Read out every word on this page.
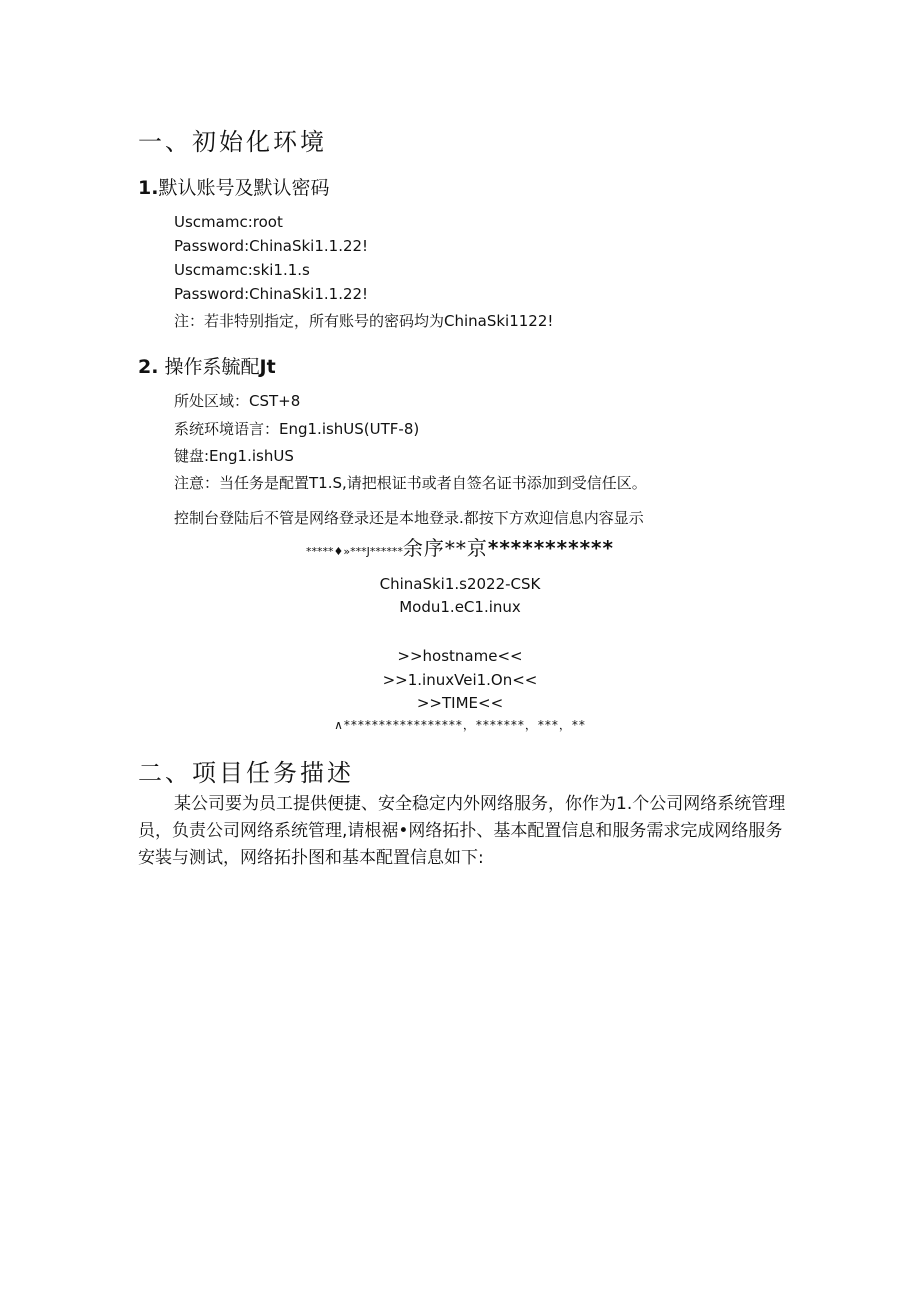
一、初始化环境
1.默认账号及默认密码
Uscmamc:root
Password:ChinaSki1.1.22!
Uscmamc:ski1.1.s
Password:ChinaSki1.1.22!
注：若非特别指定，所有账号的密码均为ChinaSki1122!
2. 操作系毓配Jt
所处区域：CST+8
系统环境语言：Eng1.ishUS(UTF-8)
键盘:Eng1.ishUS
注意：当任务是配置T1.S,请把根证书或者自签名证书添加到受信任区。
控制台登陆后不管是网络登录还是本地登录.都按下方欢迎信息内容显示
*****♦»***J******余序**京***********
ChinaSki1.s2022-CSK
Modu1.eC1.inux
>>hostname<<
>>1.inuxVei1.On<<
>>TIME<<
∧*****************，*******，***，**
二、项目任务描述
某公司要为员工提供便捷、安全稳定内外网络服务，你作为1.个公司网络系统管理
员，负责公司网络系统管理,请根裾•网络拓扑、基本配置信息和服务需求完成网络服务
安装与测试，网络拓扑图和基本配置信息如下:
